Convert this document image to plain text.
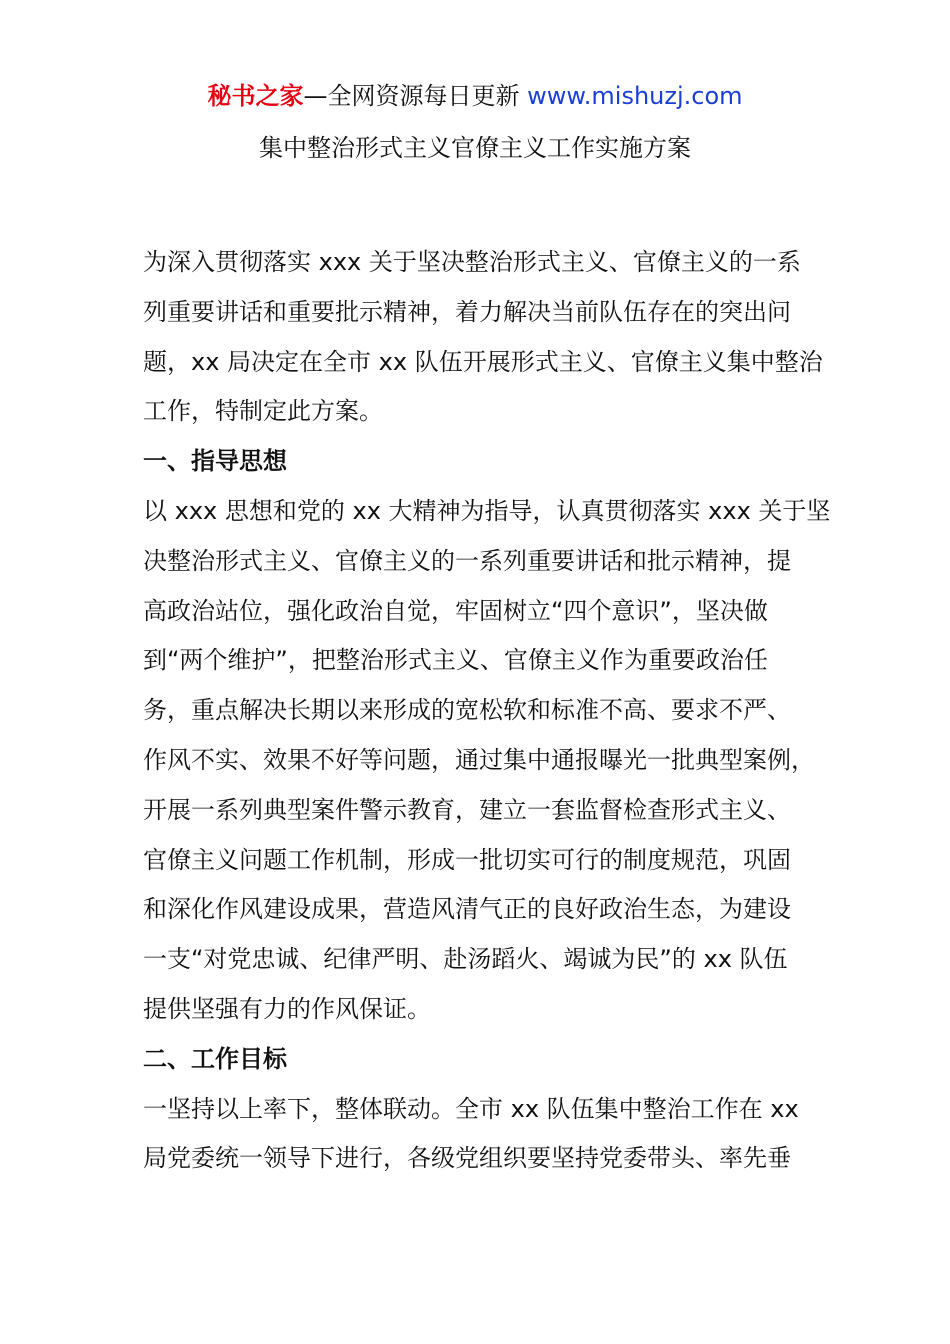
秘书之家—全网资源每日更新 www.mishuzj.com
集中整治形式主义官僚主义工作实施方案
为深入贯彻落实 xxx 关于坚决整治形式主义、官僚主义的一系
列重要讲话和重要批示精神，着力解决当前队伍存在的突出问
题，xx 局决定在全市 xx 队伍开展形式主义、官僚主义集中整治
工作，特制定此方案。
一、指导思想
以 xxx 思想和党的 xx 大精神为指导，认真贯彻落实 xxx 关于坚
决整治形式主义、官僚主义的一系列重要讲话和批示精神，提
高政治站位，强化政治自觉，牢固树立“四个意识”，坚决做
到“两个维护”，把整治形式主义、官僚主义作为重要政治任
务，重点解决长期以来形成的宽松软和标准不高、要求不严、
作风不实、效果不好等问题，通过集中通报曝光一批典型案例，
开展一系列典型案件警示教育，建立一套监督检查形式主义、
官僚主义问题工作机制，形成一批切实可行的制度规范，巩固
和深化作风建设成果，营造风清气正的良好政治生态，为建设
一支“对党忠诚、纪律严明、赴汤蹈火、竭诚为民”的 xx 队伍
提供坚强有力的作风保证。
二、工作目标
一坚持以上率下，整体联动。全市 xx 队伍集中整治工作在 xx
局党委统一领导下进行，各级党组织要坚持党委带头、率先垂
